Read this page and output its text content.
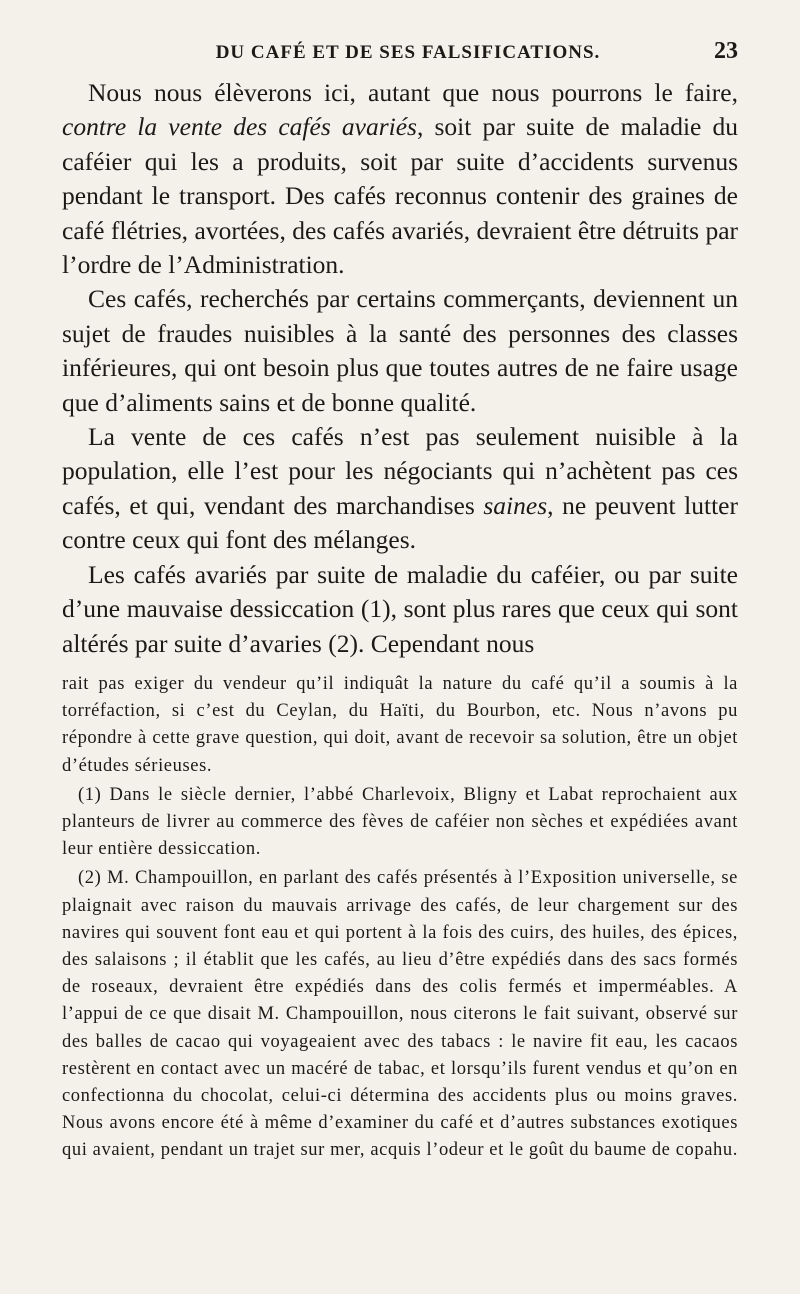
DU CAFÉ ET DE SES FALSIFICATIONS.	23

Nous nous élèverons ici, autant que nous pourrons le faire, contre la vente des cafés avariés, soit par suite de maladie du caféier qui les a produits, soit par suite d’accidents survenus pendant le transport. Des cafés reconnus contenir des graines de café flétries, avortées, des cafés avariés, devraient être détruits par l’ordre de l’Administration.

Ces cafés, recherchés par certains commerçants, deviennent un sujet de fraudes nuisibles à la santé des personnes des classes inférieures, qui ont besoin plus que toutes autres de ne faire usage que d’aliments sains et de bonne qualité.

La vente de ces cafés n’est pas seulement nuisible à la population, elle l’est pour les négociants qui n’achètent pas ces cafés, et qui, vendant des marchandises saines, ne peuvent lutter contre ceux qui font des mélanges.

Les cafés avariés par suite de maladie du caféier, ou par suite d’une mauvaise dessiccation (1), sont plus rares que ceux qui sont altérés par suite d’avaries (2). Cependant nous

rait pas exiger du vendeur qu’il indiquât la nature du café qu’il a soumis à la torréfaction, si c’est du Ceylan, du Haïti, du Bourbon, etc. Nous n’avons pu répondre à cette grave question, qui doit, avant de recevoir sa solution, être un objet d’études sérieuses.

(1) Dans le siècle dernier, l’abbé Charlevoix, Bligny et Labat reprochaient aux planteurs de livrer au commerce des fèves de caféier non sèches et expédiées avant leur entière dessiccation.

(2) M. Champouillon, en parlant des cafés présentés à l’Exposition universelle, se plaignait avec raison du mauvais arrivage des cafés, de leur chargement sur des navires qui souvent font eau et qui portent à la fois des cuirs, des huiles, des épices, des salaisons ; il établit que les cafés, au lieu d’être expédiés dans des sacs formés de roseaux, devraient être expédiés dans des colis fermés et imperméables. A l’appui de ce que disait M. Champouillon, nous citerons le fait suivant, observé sur des balles de cacao qui voyageaient avec des tabacs : le navire fit eau, les cacaos restèrent en contact avec un macéré de tabac, et lorsqu’ils furent vendus et qu’on en confectionna du chocolat, celui-ci détermina des accidents plus ou moins graves. Nous avons encore été à même d’examiner du café et d’autres substances exotiques qui avaient, pendant un trajet sur mer, acquis l’odeur et le goût du baume de copahu.
